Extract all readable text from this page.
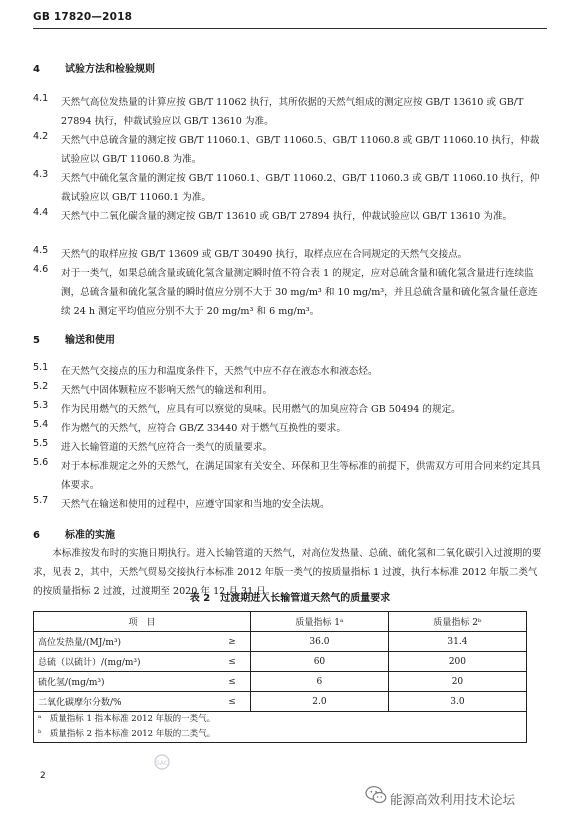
GB 17820—2018
4	试验方法和检验规则
4.1	天然气高位发热量的计算应按 GB/T 11062 执行，其所依据的天然气组成的测定应按 GB/T 13610 或 GB/T 27894 执行，仲裁试验应以 GB/T 13610 为准。
4.2	天然气中总硫含量的测定按 GB/T 11060.1、GB/T 11060.5、GB/T 11060.8 或 GB/T 11060.10 执行，仲裁试验应以 GB/T 11060.8 为准。
4.3	天然气中硫化氢含量的测定按 GB/T 11060.1、GB/T 11060.2、GB/T 11060.3 或 GB/T 11060.10 执行，仲裁试验应以 GB/T 11060.1 为准。
4.4	天然气中二氧化碳含量的测定按 GB/T 13610 或 GB/T 27894 执行，仲裁试验应以 GB/T 13610 为准。
4.5	天然气的取样应按 GB/T 13609 或 GB/T 30490 执行，取样点应在合同规定的天然气交接点。
4.6	对于一类气，如果总硫含量或硫化氢含量测定瞬时值不符合表 1 的规定，应对总硫含量和硫化氢含量进行连续监测，总硫含量和硫化氢含量的瞬时值应分别不大于 30 mg/m³ 和 10 mg/m³，并且总硫含量和硫化氢含量任意连续 24 h 测定平均值应分别不大于 20 mg/m³ 和 6 mg/m³。
5	输送和使用
5.1	在天然气交接点的压力和温度条件下，天然气中应不存在液态水和液态烃。
5.2	天然气中固体颗粒应不影响天然气的输送和利用。
5.3	作为民用燃气的天然气，应具有可以察觉的臭味。民用燃气的加臭应符合 GB 50494 的规定。
5.4	作为燃气的天然气，应符合 GB/Z 33440 对于燃气互换性的要求。
5.5	进入长输管道的天然气应符合一类气的质量要求。
5.6	对于本标准规定之外的天然气，在满足国家有关安全、环保和卫生等标准的前提下，供需双方可用合同来约定其具体要求。
5.7	天然气在输送和使用的过程中，应遵守国家和当地的安全法规。
6	标准的实施
本标准按发布时的实施日期执行。进入长输管道的天然气，对高位发热量、总硫、硫化氢和二氧化碳引入过渡期的要求，见表 2，其中，天然气贸易交接执行本标准 2012 年版一类气的按质量指标 1 过渡，执行本标准 2012 年版二类气的按质量指标 2 过渡，过渡期至 2020 年 12 月 31 日。
表 2　过渡期进入长输管道天然气的质量要求
项　目		质量指标 1ᵃ	质量指标 2ᵇ
高位发热量/(MJ/m³)	≥	36.0	31.4
总硫（以硫计）/(mg/m³)	≤	60	200
硫化氢/(mg/m³)	≤	6	20
二氧化碳摩尔分数/%	≤	2.0	3.0

ᵃ　质量指标 1 指本标准 2012 年版的一类气。
ᵇ　质量指标 2 指本标准 2012 年版的二类气。			
2
SAC
能源高效利用技术论坛
